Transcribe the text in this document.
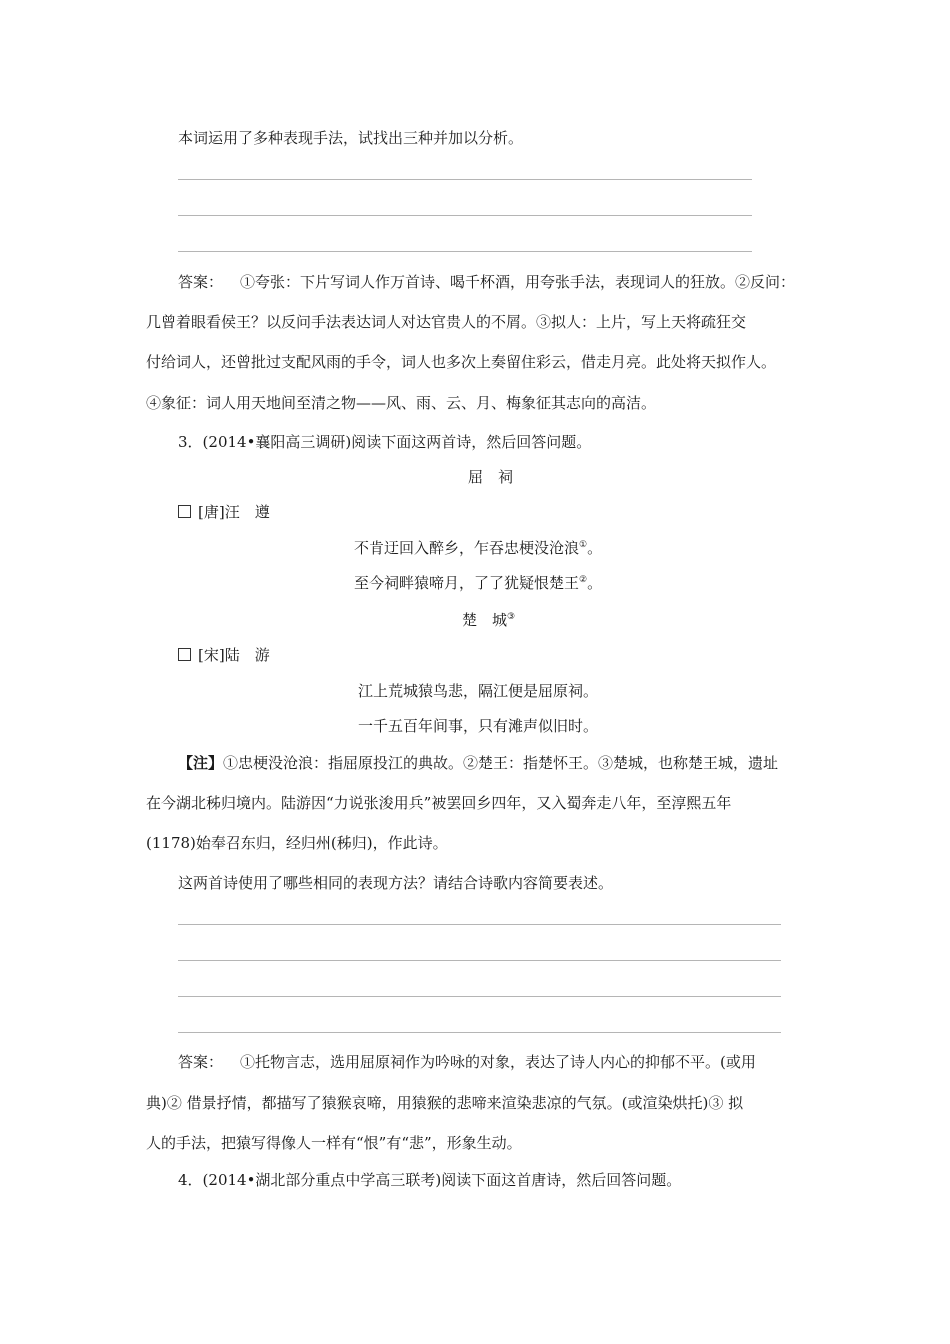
本词运用了多种表现手法，试找出三种并加以分析。
答案： ①夸张：下片写词人作万首诗、喝千杯酒，用夸张手法，表现词人的狂放。②反问：
几曾着眼看侯王？以反问手法表达词人对达官贵人的不屑。③拟人：上片，写上天将疏狂交
付给词人，还曾批过支配风雨的手令，词人也多次上奏留住彩云，借走月亮。此处将天拟作人。
④象征：词人用天地间至清之物——风、雨、云、月、梅象征其志向的高洁。
3．(2014•襄阳高三调研)阅读下面这两首诗，然后回答问题。
屈　祠
[唐]汪　遵
不肯迂回入醉乡，乍吞忠梗没沧浪①。
至今祠畔猿啼月，了了犹疑恨楚王②。
楚　城③
[宋]陆　游
江上荒城猿鸟悲，隔江便是屈原祠。
一千五百年间事，只有滩声似旧时。
【注】①忠梗没沧浪：指屈原投江的典故。②楚王：指楚怀王。③楚城，也称楚王城，遗址
在今湖北秭归境内。陆游因“力说张浚用兵”被罢回乡四年，又入蜀奔走八年，至淳熙五年
(1178)始奉召东归，经归州(秭归)，作此诗。
这两首诗使用了哪些相同的表现方法？请结合诗歌内容简要表述。
答案： ①托物言志，选用屈原祠作为吟咏的对象，表达了诗人内心的抑郁不平。(或用
典)② 借景抒情，都描写了猿猴哀啼，用猿猴的悲啼来渲染悲凉的气氛。(或渲染烘托)③ 拟
人的手法，把猿写得像人一样有“恨”有“悲”，形象生动。
4．(2014•湖北部分重点中学高三联考)阅读下面这首唐诗，然后回答问题。
